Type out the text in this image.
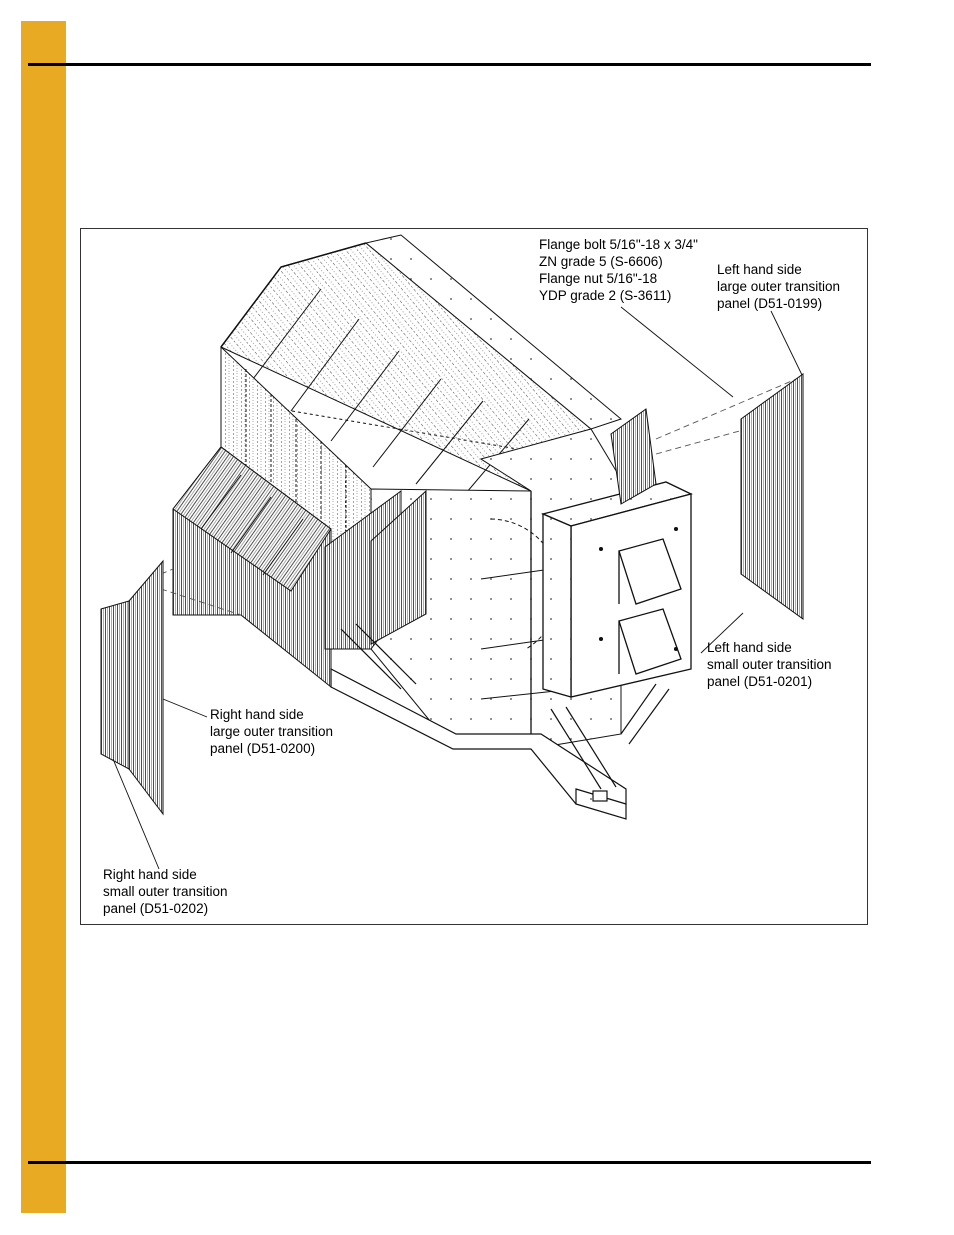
Flange bolt 5/16"-18 x 3/4"
ZN grade 5 (S-6606)
Flange nut 5/16"-18
YDP grade 2 (S-3611)

Left hand side
large outer transition
panel (D51-0199)

Left hand side
small outer transition
panel (D51-0201)

Right hand side
large outer transition
panel (D51-0200)

Right hand side
small outer transition
panel (D51-0202)
